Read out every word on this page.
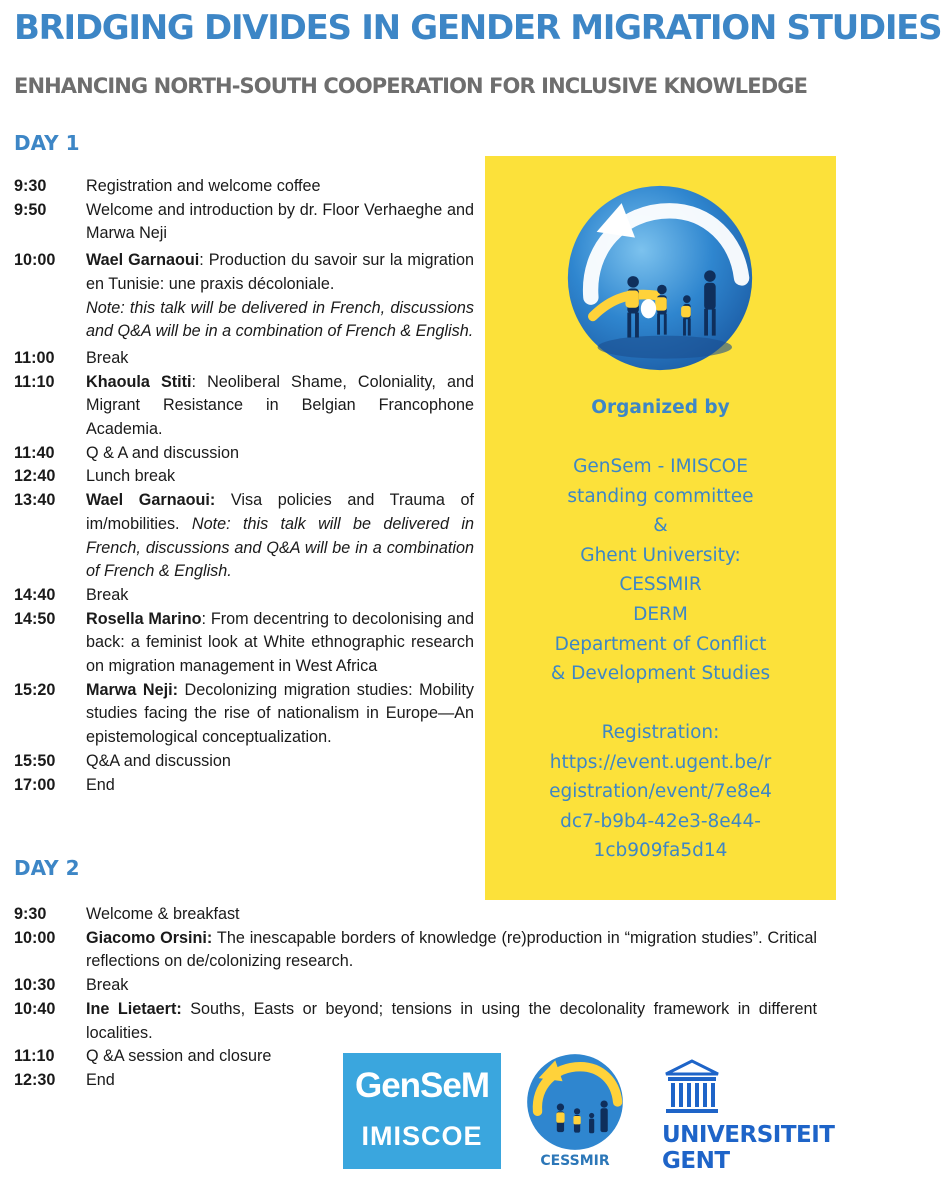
BRIDGING DIVIDES IN GENDER MIGRATION STUDIES
ENHANCING NORTH-SOUTH COOPERATION FOR INCLUSIVE KNOWLEDGE
DAY 1
9:30 Registration and welcome coffee
9:50 Welcome and introduction by dr. Floor Verhaeghe and Marwa Neji
10:00 Wael Garnaoui: Production du savoir sur la migration en Tunisie: une praxis décoloniale.
Note: this talk will be delivered in French, discussions and Q&A will be in a combination of French & English.
11:00 Break
11:10 Khaoula Stiti: Neoliberal Shame, Coloniality, and Migrant Resistance in Belgian Francophone Academia.
11:40 Q & A and discussion
12:40 Lunch break
13:40 Wael Garnaoui: Visa policies and Trauma of im/mobilities. Note: this talk will be delivered in French, discussions and Q&A will be in a combination of French & English.
14:40 Break
14:50 Rosella Marino: From decentring to decolonising and back: a feminist look at White ethnographic research on migration management in West Africa
15:20 Marwa Neji: Decolonizing migration studies: Mobility studies facing the rise of nationalism in Europe—An epistemological conceptualization.
15:50 Q&A and discussion
17:00 End
DAY 2
9:30 Welcome & breakfast
10:00 Giacomo Orsini: The inescapable borders of knowledge (re)production in “migration studies”. Critical reflections on de/colonizing research.
10:30 Break
10:40 Ine Lietaert: Souths, Easts or beyond; tensions in using the decolonality framework in different localities.
11:10 Q &A session and closure
12:30 End
Organized by
GenSem - IMISCOE
standing committee
&
Ghent University:
CESSMIR
DERM
Department of Conflict
& Development Studies
Registration:
https://event.ugent.be/r
egistration/event/7e8e4
dc7-b9b4-42e3-8e44-
1cb909fa5d14
GenSeM
IMISCOE
CESSMIR
UNIVERSITEIT
GENT
